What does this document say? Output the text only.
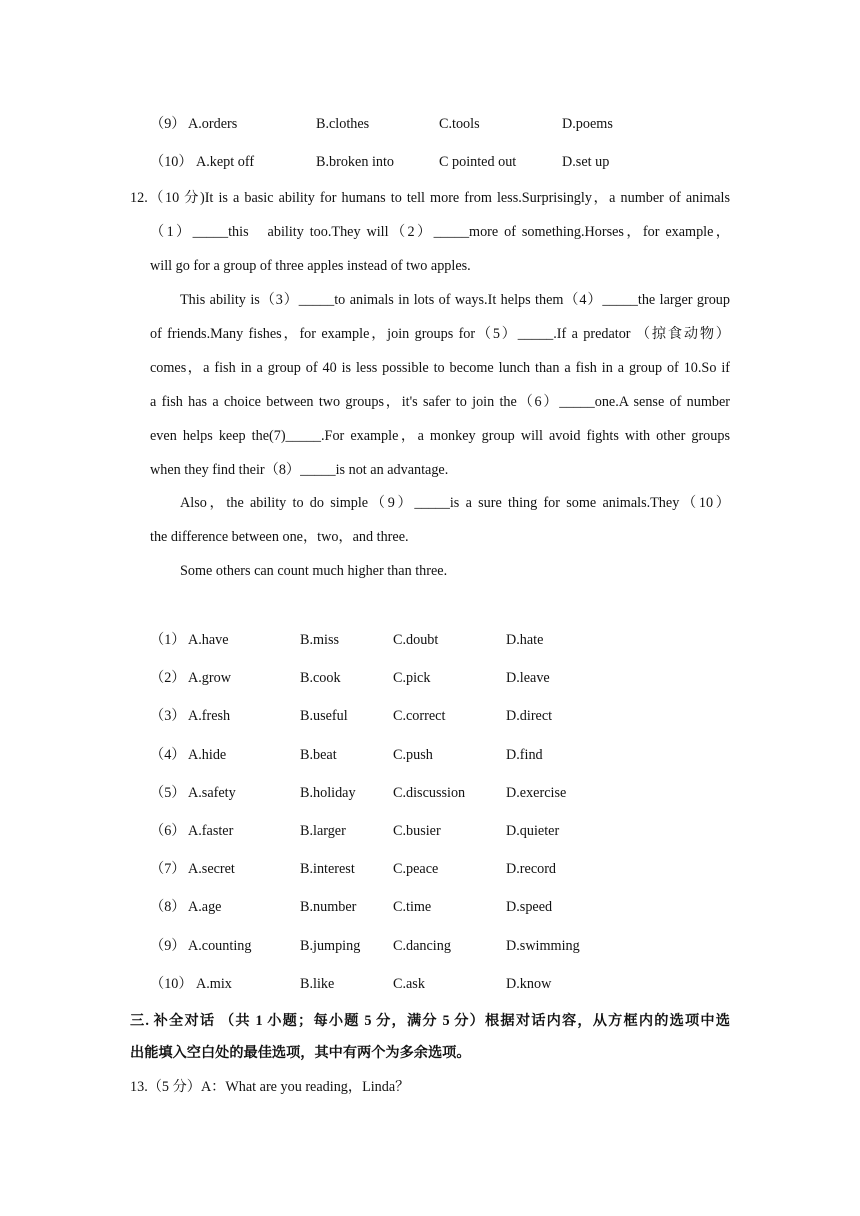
（9） A.orders	B.clothes	C.tools	D.poems
（10） A.kept off	B.broken into	C pointed out	D.set up
12.（10 分)It is a basic ability for humans to tell more from less.Surprisingly，a number of animals
（1）_____this　ability too.They will（2）_____more of something.Horses，for example，
will go for a group of three apples instead of two apples.
This ability is（3）_____to animals in lots of ways.It helps them（4）_____the larger group
of friends.Many fishes，for example，join groups for（5）_____.If a predator （掠食动物）
comes，a fish in a group of 40 is less possible to become lunch than a fish in a group of 10.So if
a fish has a choice between two groups，it's safer to join the（6）_____one.A sense of number
even helps keep the(7)_____.For example，a monkey group will avoid fights with other groups
when they find their（8）_____is not an advantage.
Also，the ability to do simple（9）_____is a sure thing for some animals.They（10）
the difference between one，two，and three.
Some others can count much higher than three.
（1） A.have	B.miss	C.doubt	D.hate
（2） A.grow	B.cook	C.pick	D.leave
（3） A.fresh	B.useful	C.correct	D.direct
（4） A.hide	B.beat	C.push	D.find
（5） A.safety	B.holiday	C.discussion	D.exercise
（6） A.faster	B.larger	C.busier	D.quieter
（7） A.secret	B.interest	C.peace	D.record
（8） A.age	B.number	C.time	D.speed
（9） A.counting	B.jumping C.dancing	D.swimming
（10） A.mix	B.like	C.ask	D.know
三. 补全对话 （共 1 小题；每小题 5 分，满分 5 分）根据对话内容，从方框内的选项中选
出能填入空白处的最佳选项，其中有两个为多余选项。
13.（5 分）A：What are you reading，Linda？
